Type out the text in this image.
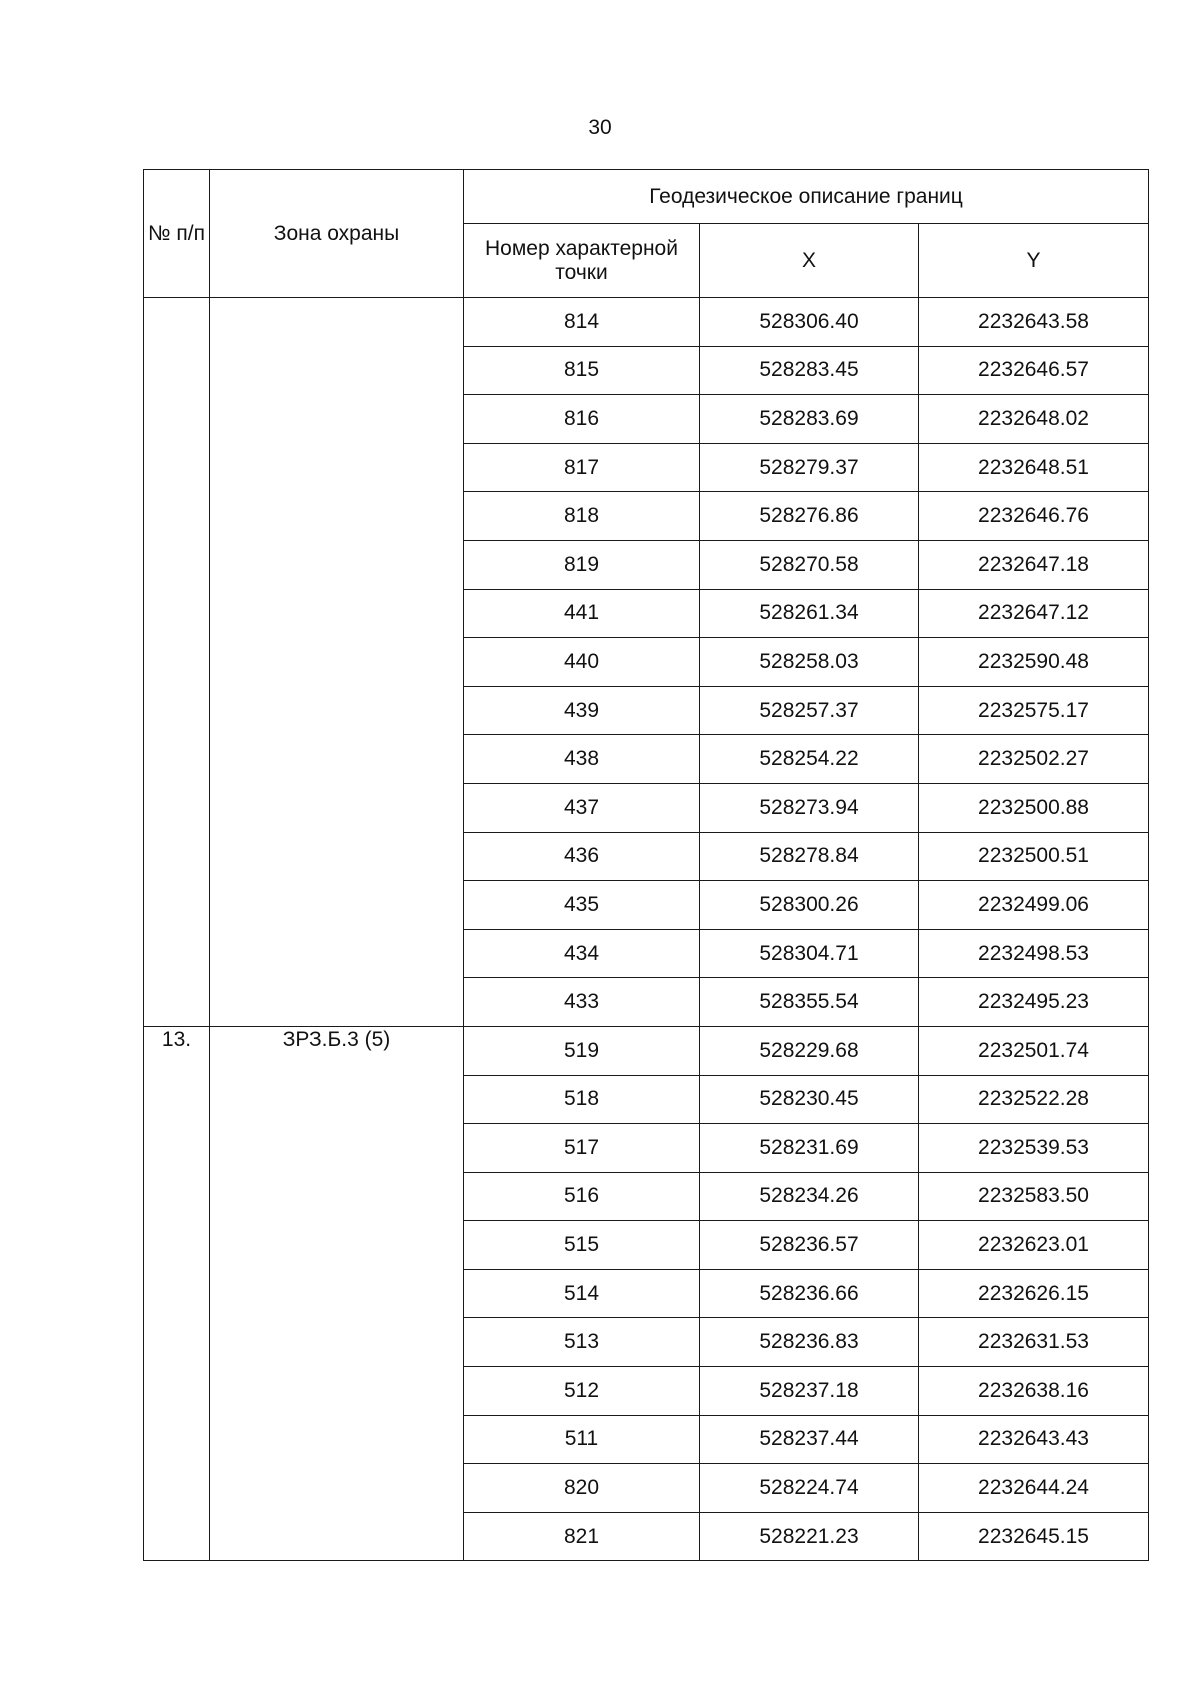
30
№ п/п	Зона охраны	Геодезическое описание границ		
		Номер характерной точки	X	Y
		814	528306.40	2232643.58
		815	528283.45	2232646.57
		816	528283.69	2232648.02
		817	528279.37	2232648.51
		818	528276.86	2232646.76
		819	528270.58	2232647.18
		441	528261.34	2232647.12
		440	528258.03	2232590.48
		439	528257.37	2232575.17
		438	528254.22	2232502.27
		437	528273.94	2232500.88
		436	528278.84	2232500.51
		435	528300.26	2232499.06
		434	528304.71	2232498.53
		433	528355.54	2232495.23
13.	ЗРЗ.Б.3 (5)	519	528229.68	2232501.74
		518	528230.45	2232522.28
		517	528231.69	2232539.53
		516	528234.26	2232583.50
		515	528236.57	2232623.01
		514	528236.66	2232626.15
		513	528236.83	2232631.53
		512	528237.18	2232638.16
		511	528237.44	2232643.43
		820	528224.74	2232644.24
		821	528221.23	2232645.15
